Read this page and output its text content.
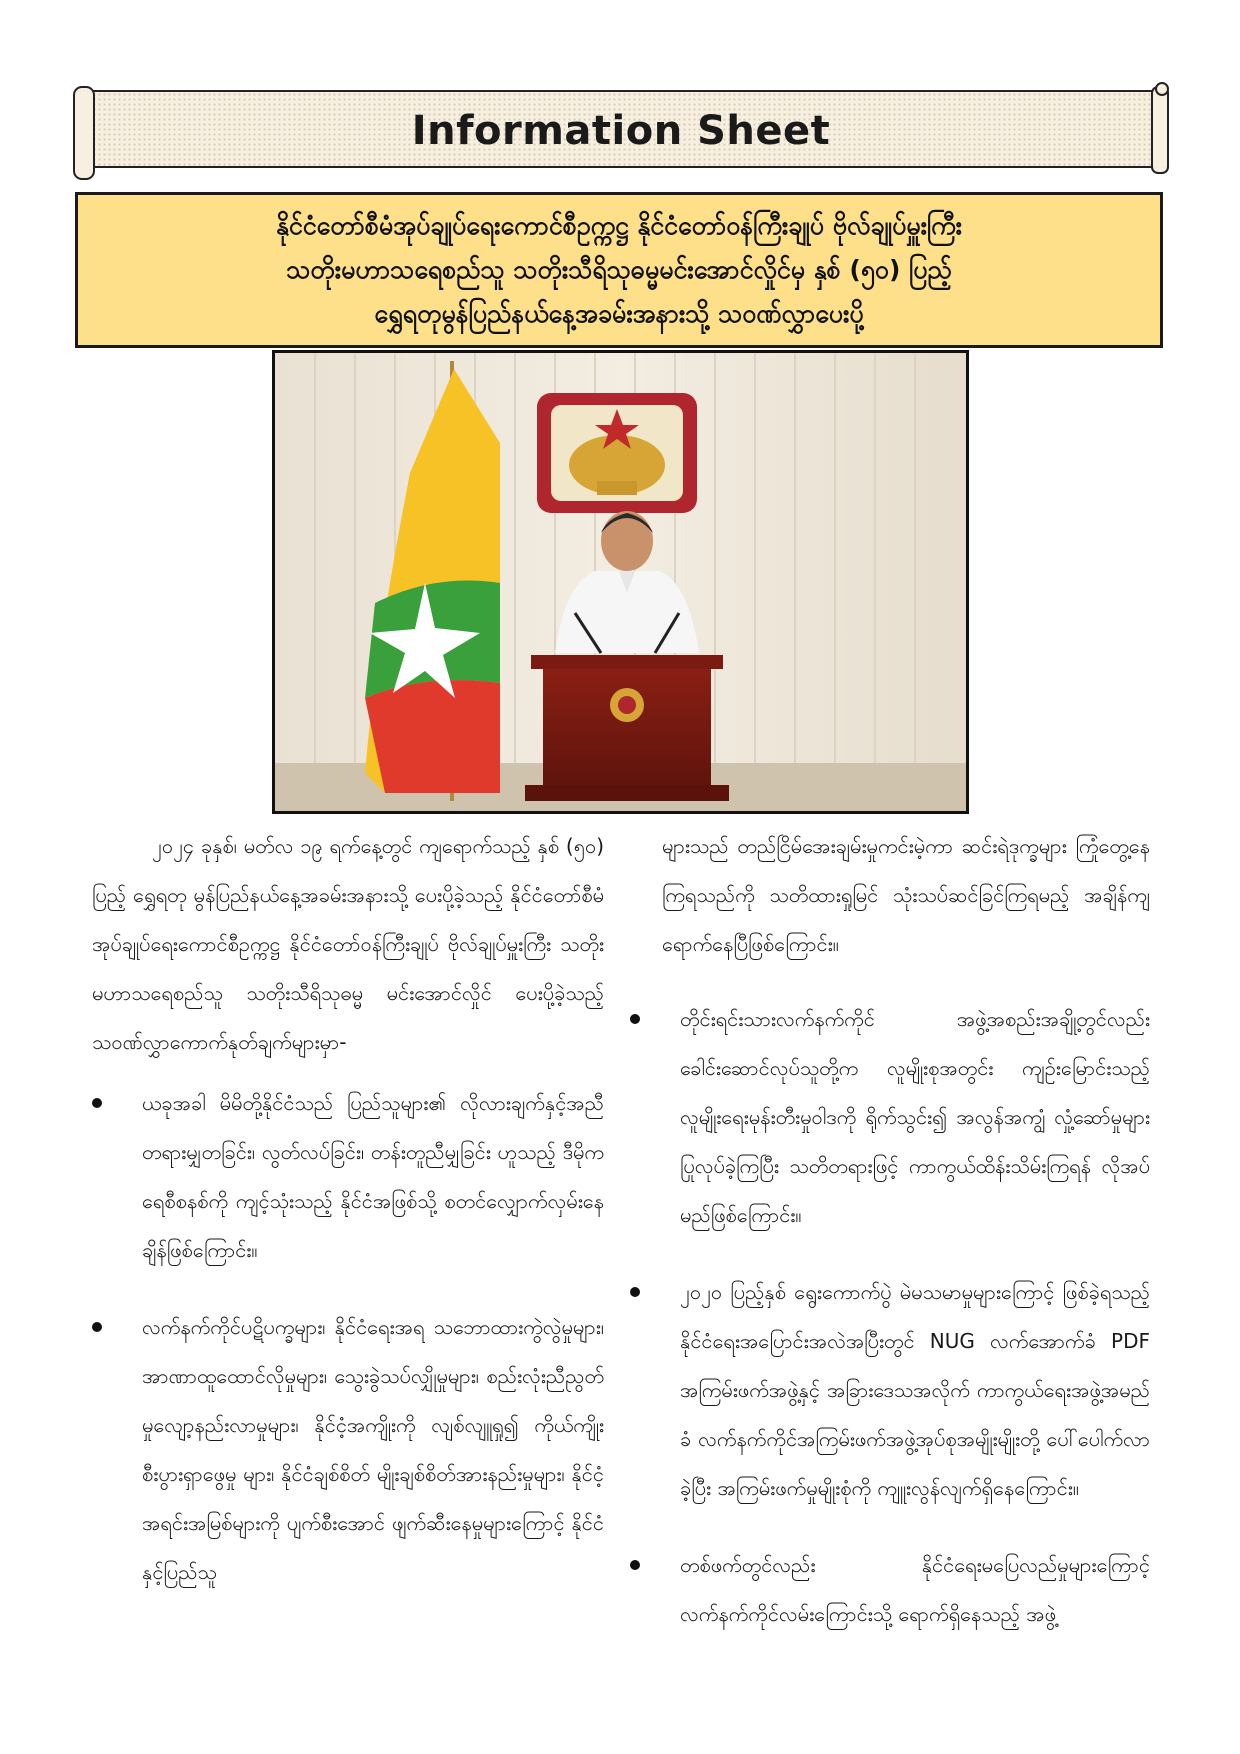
Information Sheet
နိုင်ငံတော်စီမံအုပ်ချုပ်ရေးကောင်စီဥက္ကဋ္ဌ နိုင်ငံတော်ဝန်ကြီးချုပ် ဗိုလ်ချုပ်မှူးကြီး
သတိုးမဟာသရေစည်သူ သတိုးသီရိသုဓမ္မမင်းအောင်လှိုင်မှ နှစ် (၅၀) ပြည့်
ရွှေရတုမွန်ပြည်နယ်နေ့အခမ်းအနားသို့ သဝဏ်လွှာပေးပို့

၂၀၂၄ ခုနှစ်၊ မတ်လ ၁၉ ရက်နေ့တွင် ကျရောက်သည့် နှစ် (၅၀) ပြည့် ရွှေရတု မွန်ပြည်နယ်နေ့အခမ်းအနားသို့ ပေးပို့ခဲ့သည့် နိုင်ငံတော်စီမံအုပ်ချုပ်ရေးကောင်စီဥက္ကဋ္ဌ နိုင်ငံတော်ဝန်ကြီးချုပ် ဗိုလ်ချုပ်မှူးကြီး သတိုးမဟာသရေစည်သူ သတိုးသီရိသုဓမ္မ မင်းအောင်လှိုင် ပေးပို့ခဲ့သည့် သဝဏ်လွှာကောက်နုတ်ချက်များမှာ-

ယခုအခါ မိမိတို့နိုင်ငံသည် ပြည်သူများ၏ လိုလားချက်နှင့်အညီ တရားမျှတခြင်း၊ လွတ်လပ်ခြင်း၊ တန်းတူညီမျှခြင်း ဟူသည့် ဒီမိုကရေစီစနစ်ကို ကျင့်သုံးသည့် နိုင်ငံအဖြစ်သို့ စတင်လျှောက်လှမ်းနေချိန်ဖြစ်ကြောင်း။
လက်နက်ကိုင်ပဋိပက္ခများ၊ နိုင်ငံရေးအရ သဘောထားကွဲလွဲမှုများ၊ အာဏာထူထောင်လိုမှုများ၊ သွေးခွဲသပ်လျှိုမှုများ၊ စည်းလုံးညီညွတ်မှုလျော့နည်းလာမှုများ၊ နိုင်ငံ့အကျိုးကို လျစ်လျူရှု၍ ကိုယ်ကျိုးစီးပွားရှာဖွေမှု များ၊ နိုင်ငံချစ်စိတ် မျိုးချစ်စိတ်အားနည်းမှုများ၊ နိုင်ငံ့အရင်းအမြစ်များကို ပျက်စီးအောင် ဖျက်ဆီးနေမှုများကြောင့် နိုင်ငံနှင့်ပြည်သူ

များသည် တည်ငြိမ်အေးချမ်းမှုကင်းမဲ့ကာ ဆင်းရဲဒုက္ခများ ကြုံတွေ့နေကြရသည်ကို သတိထားရှုမြင် သုံးသပ်ဆင်ခြင်ကြရမည့် အချိန်ကျရောက်နေပြီဖြစ်ကြောင်း။

တိုင်းရင်းသားလက်နက်ကိုင် အဖွဲ့အစည်းအချို့တွင်လည်း ခေါင်းဆောင်လုပ်သူတို့က လူမျိုးစုအတွင်း ကျဉ်းမြောင်းသည့် လူမျိုးရေးမုန်းတီးမှုဝါဒကို ရိုက်သွင်း၍ အလွန်အကျွံ လှုံ့ဆော်မှုများပြုလုပ်ခဲ့ကြပြီး သတိတရားဖြင့် ကာကွယ်ထိန်းသိမ်းကြရန် လိုအပ်မည်ဖြစ်ကြောင်း။
၂၀၂၀ ပြည့်နှစ် ရွေးကောက်ပွဲ မဲမသမာမှုများကြောင့် ဖြစ်ခဲ့ရသည့် နိုင်ငံရေးအပြောင်းအလဲအပြီးတွင် NUG လက်အောက်ခံ PDF အကြမ်းဖက်အဖွဲ့နှင့် အခြားဒေသအလိုက် ကာကွယ်ရေးအဖွဲ့အမည်ခံ လက်နက်ကိုင်အကြမ်းဖက်အဖွဲ့အုပ်စုအမျိုးမျိုးတို့ ပေါ်ပေါက်လာခဲ့ပြီး အကြမ်းဖက်မှုမျိုးစုံကို ကျူးလွန်လျက်ရှိနေကြောင်း။
တစ်ဖက်တွင်လည်း နိုင်ငံရေးမပြေလည်မှုများကြောင့် လက်နက်ကိုင်လမ်းကြောင်းသို့ ရောက်ရှိနေသည့် အဖွဲ့
